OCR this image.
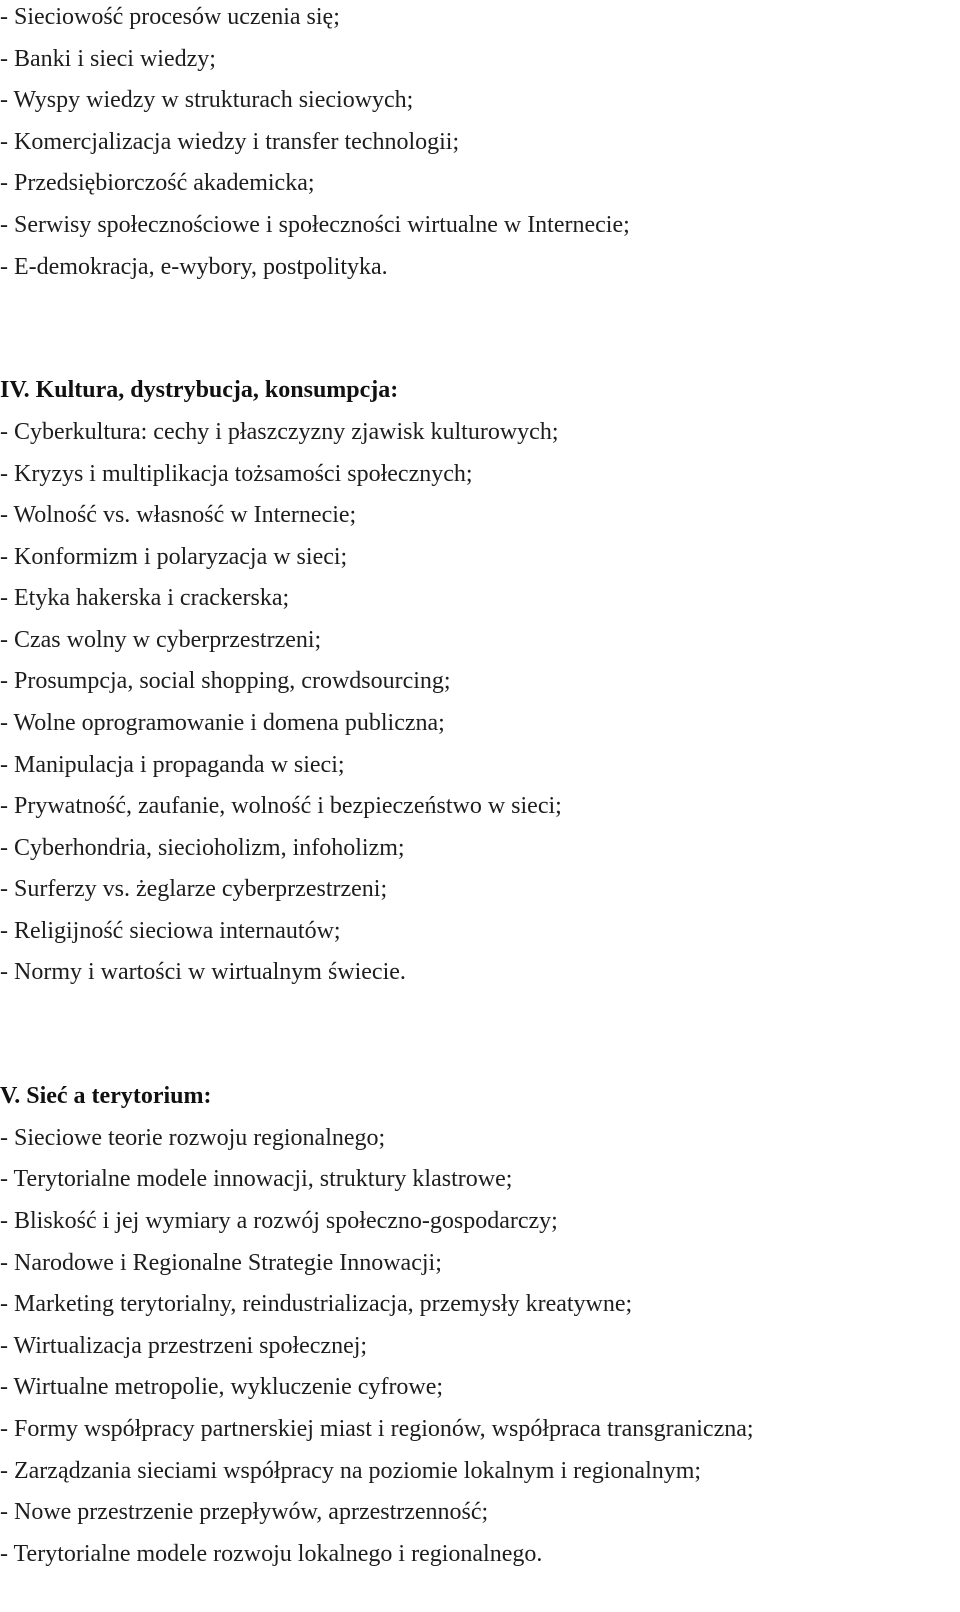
- Sieciowość procesów uczenia się;
- Banki i sieci wiedzy;
- Wyspy wiedzy w strukturach sieciowych;
- Komercjalizacja wiedzy i transfer technologii;
- Przedsiębiorczość akademicka;
- Serwisy społecznościowe i społeczności wirtualne w Internecie;
- E-demokracja, e-wybory, postpolityka.
IV. Kultura, dystrybucja, konsumpcja:
- Cyberkultura: cechy i płaszczyzny zjawisk kulturowych;
- Kryzys i multiplikacja tożsamości społecznych;
- Wolność vs. własność w Internecie;
- Konformizm i polaryzacja w sieci;
- Etyka hakerska i crackerska;
- Czas wolny w cyberprzestrzeni;
- Prosumpcja, social shopping, crowdsourcing;
- Wolne oprogramowanie i domena publiczna;
- Manipulacja i propaganda w sieci;
- Prywatność, zaufanie, wolność i bezpieczeństwo w sieci;
- Cyberhondria, siecioholizm, infoholizm;
- Surferzy vs. żeglarze cyberprzestrzeni;
- Religijność sieciowa internautów;
- Normy i wartości w wirtualnym świecie.
V. Sieć a terytorium:
- Sieciowe teorie rozwoju regionalnego;
- Terytorialne modele innowacji, struktury klastrowe;
- Bliskość i jej wymiary a rozwój społeczno-gospodarczy;
- Narodowe i Regionalne Strategie Innowacji;
- Marketing terytorialny, reindustrializacja, przemysły kreatywne;
- Wirtualizacja przestrzeni społecznej;
- Wirtualne metropolie, wykluczenie cyfrowe;
- Formy współpracy partnerskiej miast i regionów, współpraca transgraniczna;
- Zarządzania sieciami współpracy na poziomie lokalnym i regionalnym;
- Nowe przestrzenie przepływów, aprzestrzenność;
- Terytorialne modele rozwoju lokalnego i regionalnego.
